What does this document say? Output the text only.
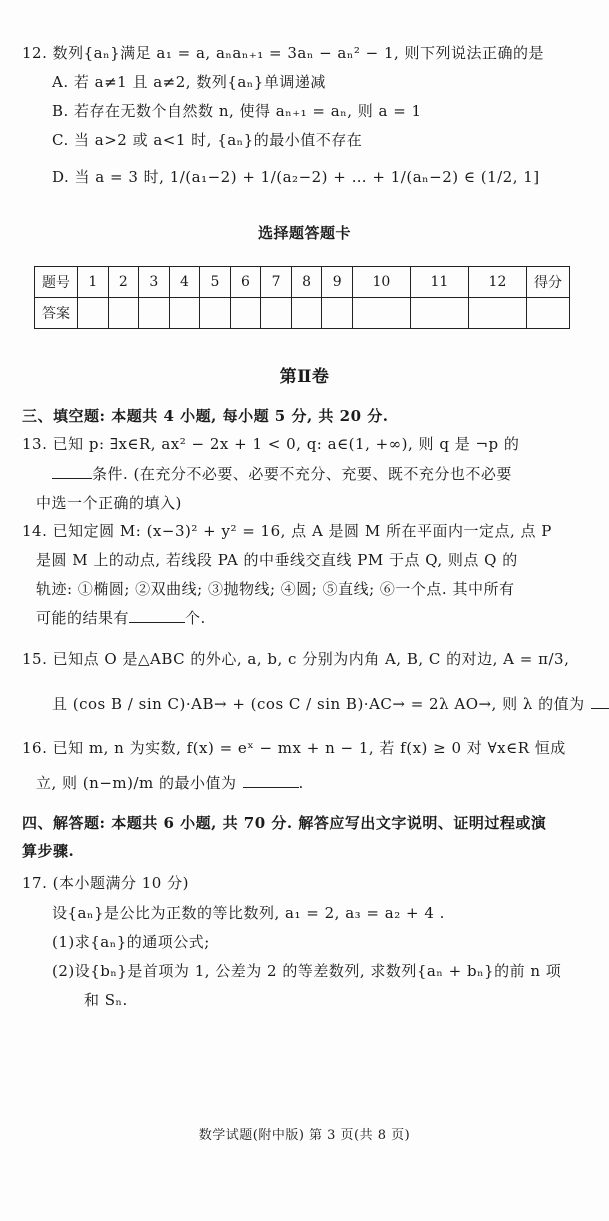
12. 数列{aₙ}满足 a₁ = a, aₙaₙ₊₁ = 3aₙ − aₙ² − 1, 则下列说法正确的是
A. 若 a≠1 且 a≠2, 数列{aₙ}单调递减
B. 若存在无数个自然数 n, 使得 aₙ₊₁ = aₙ, 则 a = 1
C. 当 a>2 或 a<1 时, {aₙ}的最小值不存在
D. 当 a = 3 时, 1/(a₁−2) + 1/(a₂−2) + … + 1/(aₙ−2) ∈ (1/2, 1]
选择题答题卡
题号	1	2	3	4	5	6	7	8	9	10	11	12	得分
答案													
第Ⅱ卷
三、填空题: 本题共 4 小题, 每小题 5 分, 共 20 分.
13. 已知 p: ∃x∈R, ax² − 2x + 1 < 0, q: a∈(1, +∞), 则 q 是 ¬p 的
条件. (在充分不必要、必要不充分、充要、既不充分也不必要
中选一个正确的填入)
14. 已知定圆 M: (x−3)² + y² = 16, 点 A 是圆 M 所在平面内一定点, 点 P
是圆 M 上的动点, 若线段 PA 的中垂线交直线 PM 于点 Q, 则点 Q 的
轨迹: ①椭圆; ②双曲线; ③抛物线; ④圆; ⑤直线; ⑥一个点. 其中所有
可能的结果有	个.
15. 已知点 O 是△ABC 的外心, a, b, c 分别为内角 A, B, C 的对边, A = π/3,
且 (cos B / sin C)·AB→ + (cos C / sin B)·AC→ = 2λ AO→, 则 λ 的值为
16. 已知 m, n 为实数, f(x) = eˣ − mx + n − 1, 若 f(x) ≥ 0 对 ∀x∈R 恒成
立, 则 (n−m)/m 的最小值为	.
四、解答题: 本题共 6 小题, 共 70 分. 解答应写出文字说明、证明过程或演
算步骤.
17. (本小题满分 10 分)
设{aₙ}是公比为正数的等比数列, a₁ = 2, a₃ = a₂ + 4 .
(1)求{aₙ}的通项公式;
(2)设{bₙ}是首项为 1, 公差为 2 的等差数列, 求数列{aₙ + bₙ}的前 n 项
和 Sₙ.
数学试题(附中版) 第 3 页(共 8 页)
